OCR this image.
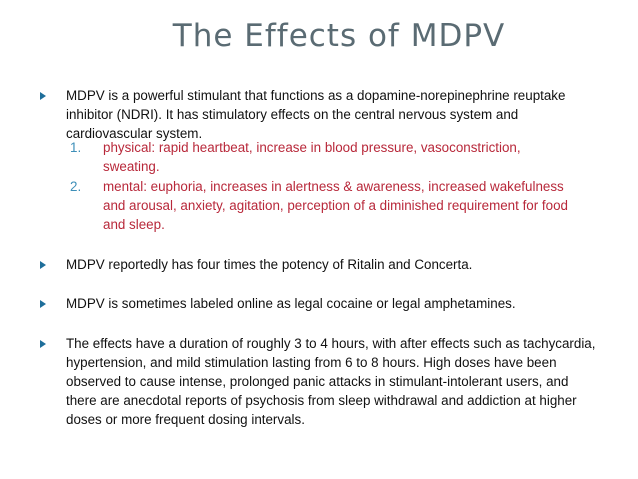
The Effects of MDPV
MDPV is a powerful stimulant that functions as a dopamine-norepinephrine reuptake inhibitor (NDRI). It has stimulatory effects on the central nervous system and cardiovascular system.
1. physical: rapid heartbeat, increase in blood pressure, vasoconstriction, sweating.
2. mental: euphoria, increases in alertness & awareness, increased wakefulness and arousal, anxiety, agitation, perception of a diminished requirement for food and sleep.
MDPV reportedly has four times the potency of Ritalin and Concerta.
MDPV is sometimes labeled online as legal cocaine or legal amphetamines.
The effects have a duration of roughly 3 to 4 hours, with after effects such as tachycardia, hypertension, and mild stimulation lasting from 6 to 8 hours. High doses have been observed to cause intense, prolonged panic attacks in stimulant-intolerant users, and there are anecdotal reports of psychosis from sleep withdrawal and addiction at higher doses or more frequent dosing intervals.
